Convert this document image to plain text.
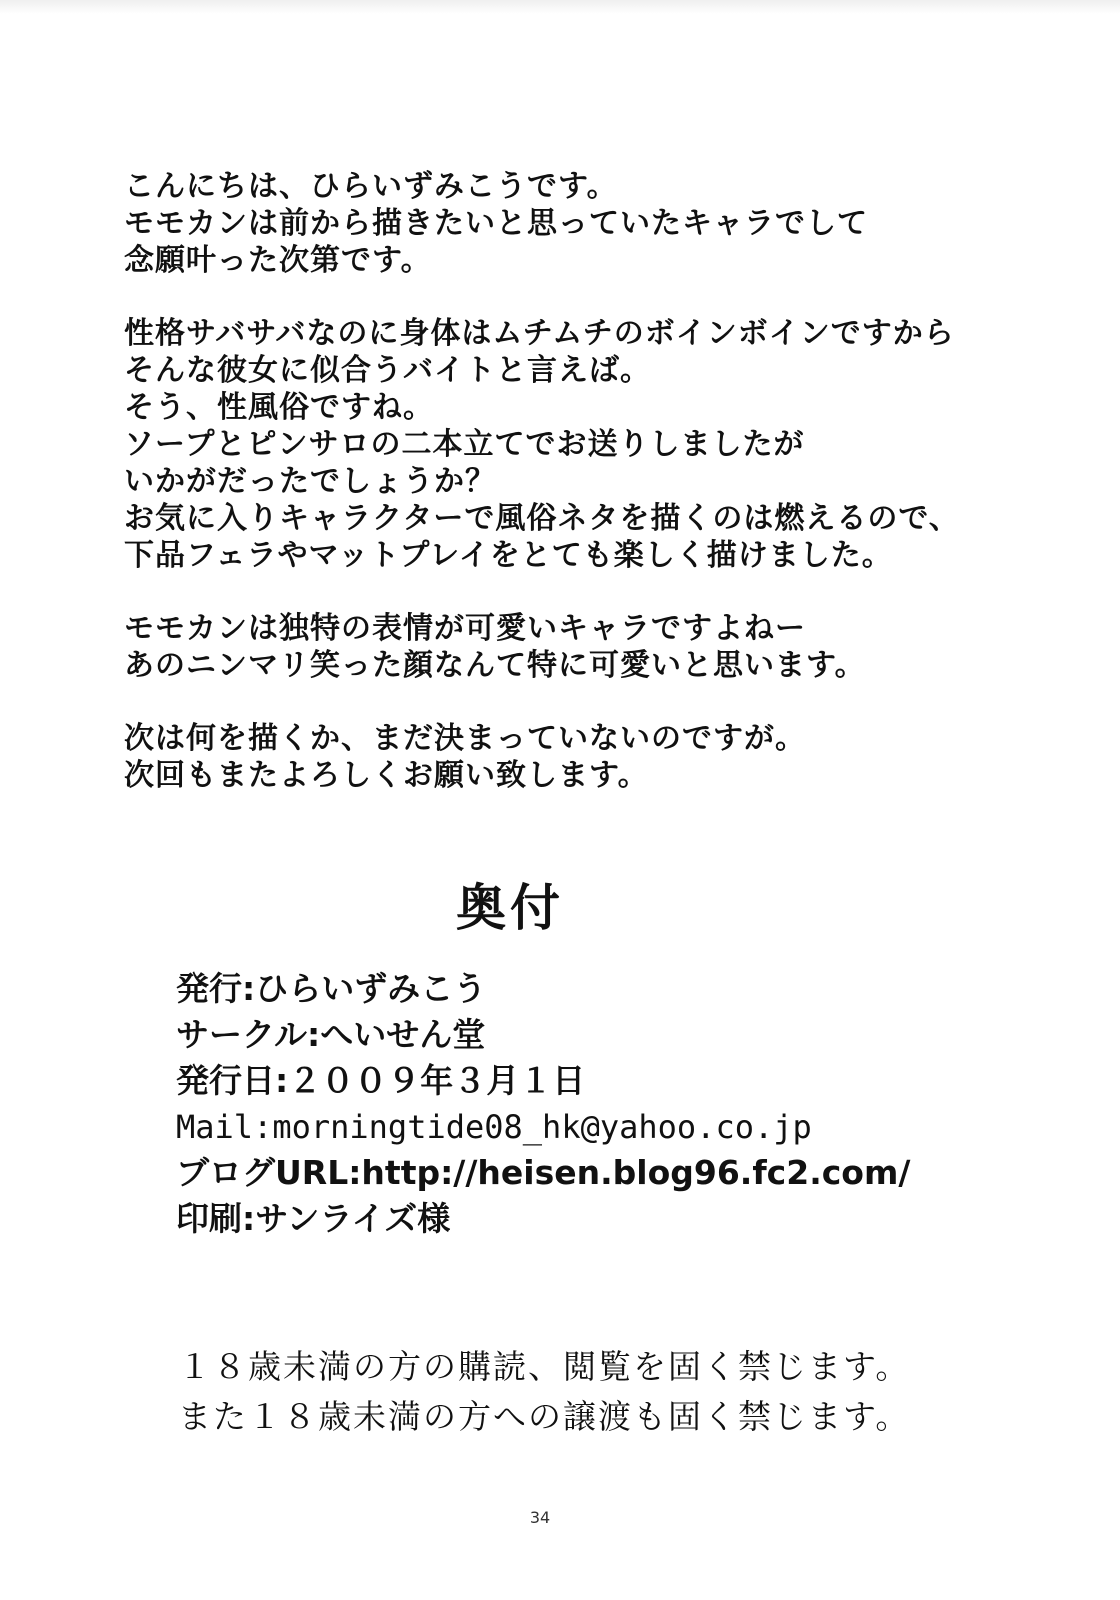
こんにちは、ひらいずみこうです。
モモカンは前から描きたいと思っていたキャラでして
念願叶った次第です。

性格サバサバなのに身体はムチムチのボインボインですから
そんな彼女に似合うバイトと言えば。
そう、性風俗ですね。
ソープとピンサロの二本立てでお送りしましたが
いかがだったでしょうか？
お気に入りキャラクターで風俗ネタを描くのは燃えるので、
下品フェラやマットプレイをとても楽しく描けました。

モモカンは独特の表情が可愛いキャラですよねー
あのニンマリ笑った顔なんて特に可愛いと思います。

次は何を描くか、まだ決まっていないのですが。
次回もまたよろしくお願い致します。

奥付
発行:ひらいずみこう
サークル:へいせん堂
発行日:２００９年３月１日
Mail:morningtide08_hk@yahoo.co.jp
ブログURL:http://heisen.blog96.fc2.com/
印刷:サンライズ様
１８歳未満の方の購読、閲覧を固く禁じます。
また１８歳未満の方への譲渡も固く禁じます。
34
